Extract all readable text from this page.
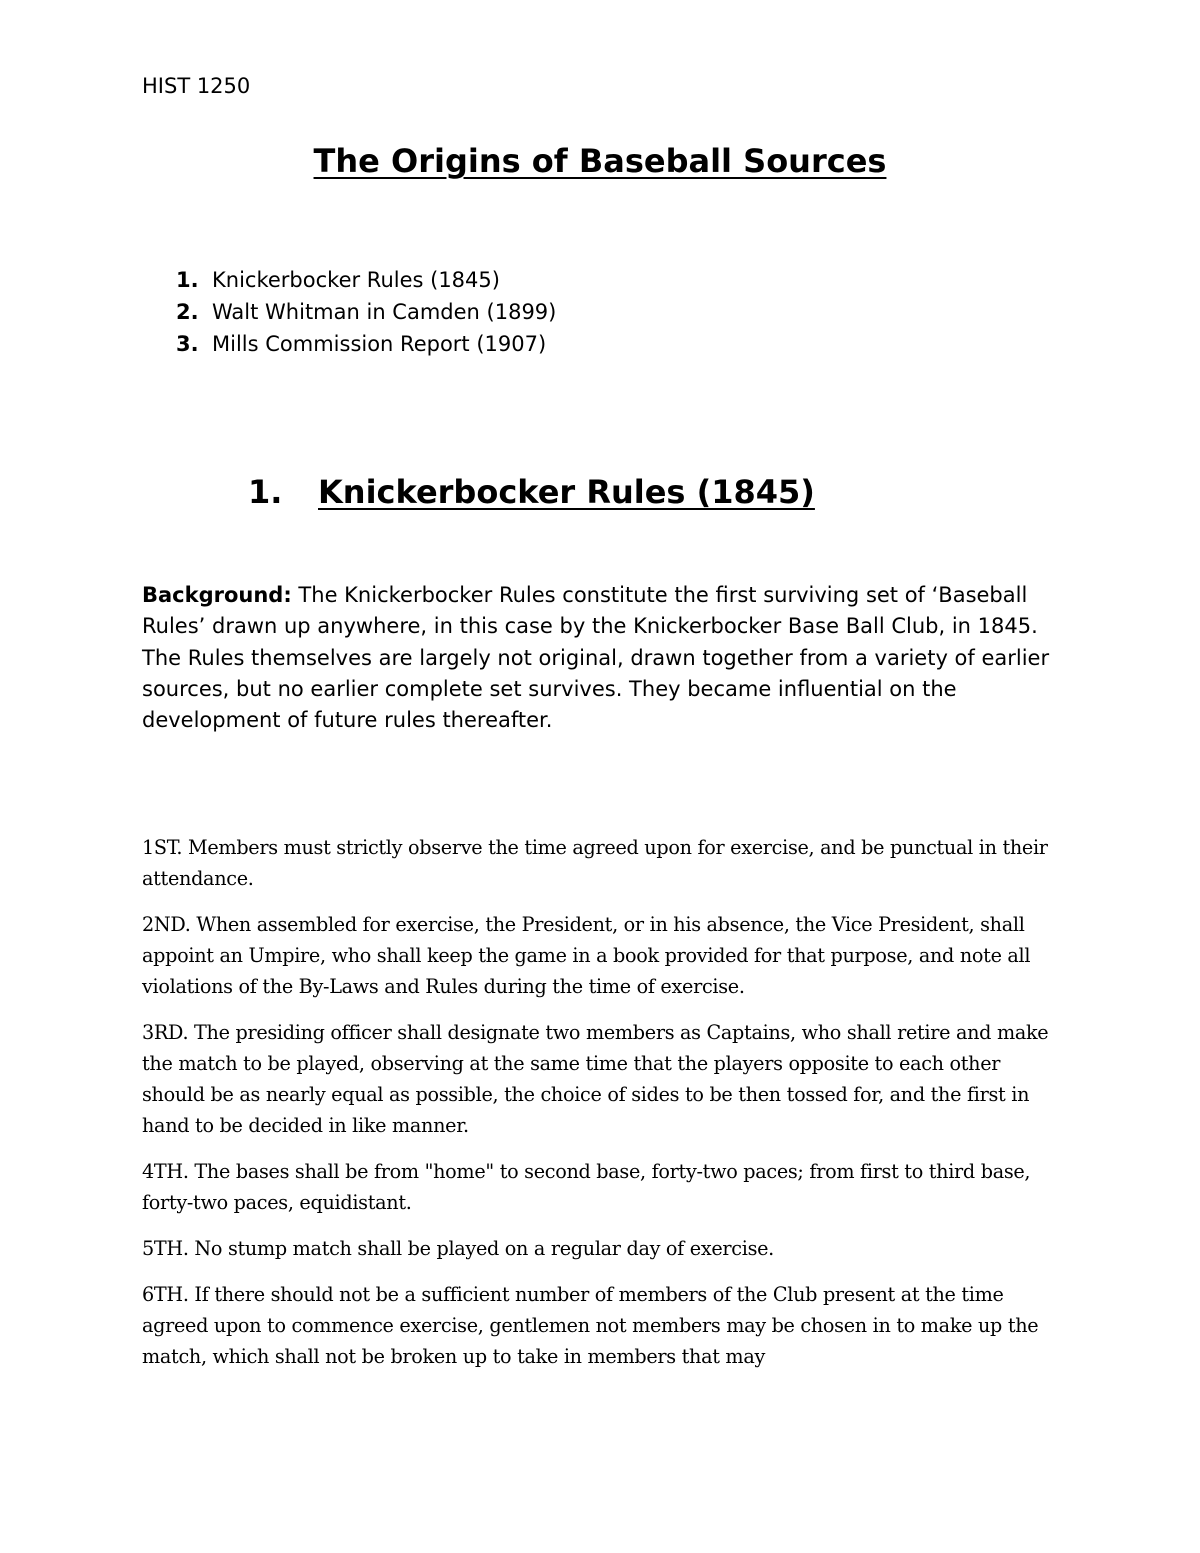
HIST 1250

The Origins of Baseball Sources
1. Knickerbocker Rules (1845)
2. Walt Whitman in Camden (1899)
3. Mills Commission Report (1907)
1. Knickerbocker Rules (1845)

Background: The Knickerbocker Rules constitute the first surviving set of ‘Baseball Rules’ drawn up anywhere, in this case by the Knickerbocker Base Ball Club, in 1845. The Rules themselves are largely not original, drawn together from a variety of earlier sources, but no earlier complete set survives. They became influential on the development of future rules thereafter.

1ST. Members must strictly observe the time agreed upon for exercise, and be punctual in their attendance.

2ND. When assembled for exercise, the President, or in his absence, the Vice President, shall appoint an Umpire, who shall keep the game in a book provided for that purpose, and note all violations of the By-Laws and Rules during the time of exercise.

3RD. The presiding officer shall designate two members as Captains, who shall retire and make the match to be played, observing at the same time that the players opposite to each other should be as nearly equal as possible, the choice of sides to be then tossed for, and the first in hand to be decided in like manner.

4TH. The bases shall be from "home" to second base, forty-two paces; from first to third base, forty-two paces, equidistant.

5TH. No stump match shall be played on a regular day of exercise.

6TH. If there should not be a sufficient number of members of the Club present at the time agreed upon to commence exercise, gentlemen not members may be chosen in to make up the match, which shall not be broken up to take in members that may
